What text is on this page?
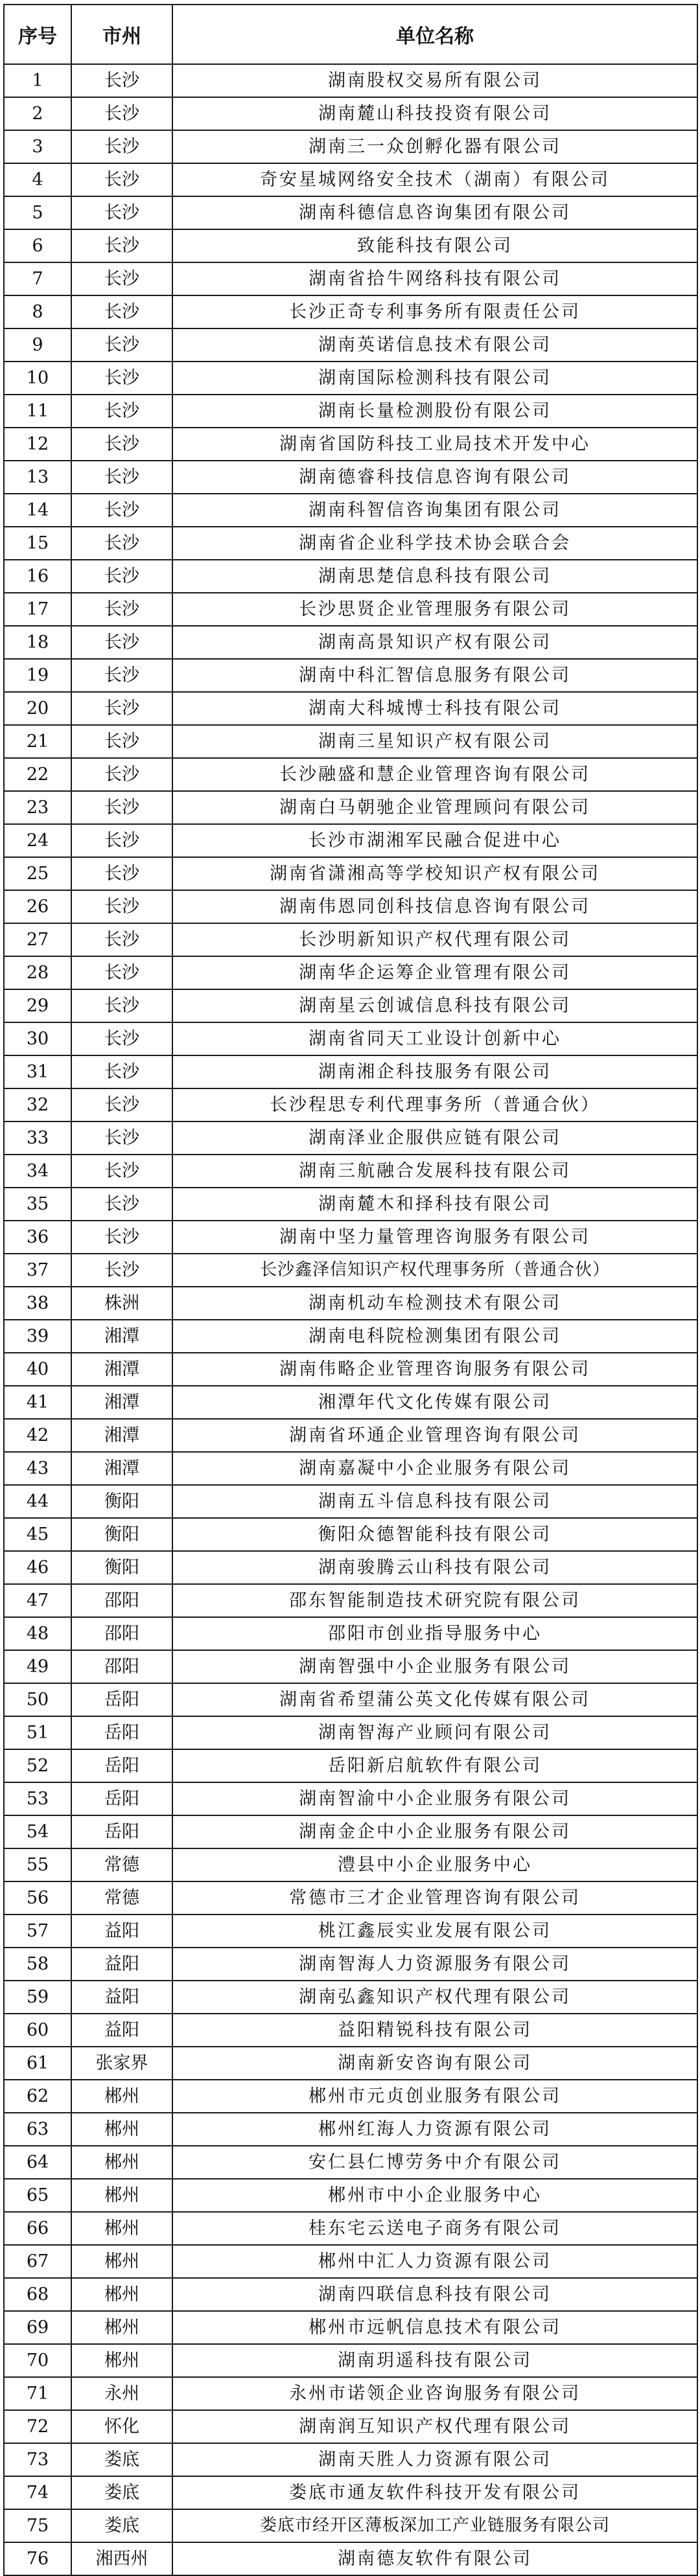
序号	市州	单位名称
1	长沙	湖南股权交易所有限公司
2	长沙	湖南麓山科技投资有限公司
3	长沙	湖南三一众创孵化器有限公司
4	长沙	奇安星城网络安全技术（湖南）有限公司
5	长沙	湖南科德信息咨询集团有限公司
6	长沙	致能科技有限公司
7	长沙	湖南省拾牛网络科技有限公司
8	长沙	长沙正奇专利事务所有限责任公司
9	长沙	湖南英诺信息技术有限公司
10	长沙	湖南国际检测科技有限公司
11	长沙	湖南长量检测股份有限公司
12	长沙	湖南省国防科技工业局技术开发中心
13	长沙	湖南德睿科技信息咨询有限公司
14	长沙	湖南科智信咨询集团有限公司
15	长沙	湖南省企业科学技术协会联合会
16	长沙	湖南思楚信息科技有限公司
17	长沙	长沙思贤企业管理服务有限公司
18	长沙	湖南高景知识产权有限公司
19	长沙	湖南中科汇智信息服务有限公司
20	长沙	湖南大科城博士科技有限公司
21	长沙	湖南三星知识产权有限公司
22	长沙	长沙融盛和慧企业管理咨询有限公司
23	长沙	湖南白马朝驰企业管理顾问有限公司
24	长沙	长沙市湖湘军民融合促进中心
25	长沙	湖南省潇湘高等学校知识产权有限公司
26	长沙	湖南伟恩同创科技信息咨询有限公司
27	长沙	长沙明新知识产权代理有限公司
28	长沙	湖南华企运筹企业管理有限公司
29	长沙	湖南星云创诚信息科技有限公司
30	长沙	湖南省同天工业设计创新中心
31	长沙	湖南湘企科技服务有限公司
32	长沙	长沙程思专利代理事务所（普通合伙）
33	长沙	湖南泽业企服供应链有限公司
34	长沙	湖南三航融合发展科技有限公司
35	长沙	湖南麓木和择科技有限公司
36	长沙	湖南中坚力量管理咨询服务有限公司
37	长沙	长沙鑫泽信知识产权代理事务所（普通合伙）
38	株洲	湖南机动车检测技术有限公司
39	湘潭	湖南电科院检测集团有限公司
40	湘潭	湖南伟略企业管理咨询服务有限公司
41	湘潭	湘潭年代文化传媒有限公司
42	湘潭	湖南省环通企业管理咨询有限公司
43	湘潭	湖南嘉凝中小企业服务有限公司
44	衡阳	湖南五斗信息科技有限公司
45	衡阳	衡阳众德智能科技有限公司
46	衡阳	湖南骏腾云山科技有限公司
47	邵阳	邵东智能制造技术研究院有限公司
48	邵阳	邵阳市创业指导服务中心
49	邵阳	湖南智强中小企业服务有限公司
50	岳阳	湖南省希望蒲公英文化传媒有限公司
51	岳阳	湖南智海产业顾问有限公司
52	岳阳	岳阳新启航软件有限公司
53	岳阳	湖南智渝中小企业服务有限公司
54	岳阳	湖南金企中小企业服务有限公司
55	常德	澧县中小企业服务中心
56	常德	常德市三才企业管理咨询有限公司
57	益阳	桃江鑫辰实业发展有限公司
58	益阳	湖南智海人力资源服务有限公司
59	益阳	湖南弘鑫知识产权代理有限公司
60	益阳	益阳精锐科技有限公司
61	张家界	湖南新安咨询有限公司
62	郴州	郴州市元贞创业服务有限公司
63	郴州	郴州红海人力资源有限公司
64	郴州	安仁县仁博劳务中介有限公司
65	郴州	郴州市中小企业服务中心
66	郴州	桂东宅云送电子商务有限公司
67	郴州	郴州中汇人力资源有限公司
68	郴州	湖南四联信息科技有限公司
69	郴州	郴州市远帆信息技术有限公司
70	郴州	湖南玥遥科技有限公司
71	永州	永州市诺领企业咨询服务有限公司
72	怀化	湖南润互知识产权代理有限公司
73	娄底	湖南天胜人力资源有限公司
74	娄底	娄底市通友软件科技开发有限公司
75	娄底	娄底市经开区薄板深加工产业链服务有限公司
76	湘西州	湖南德友软件有限公司
